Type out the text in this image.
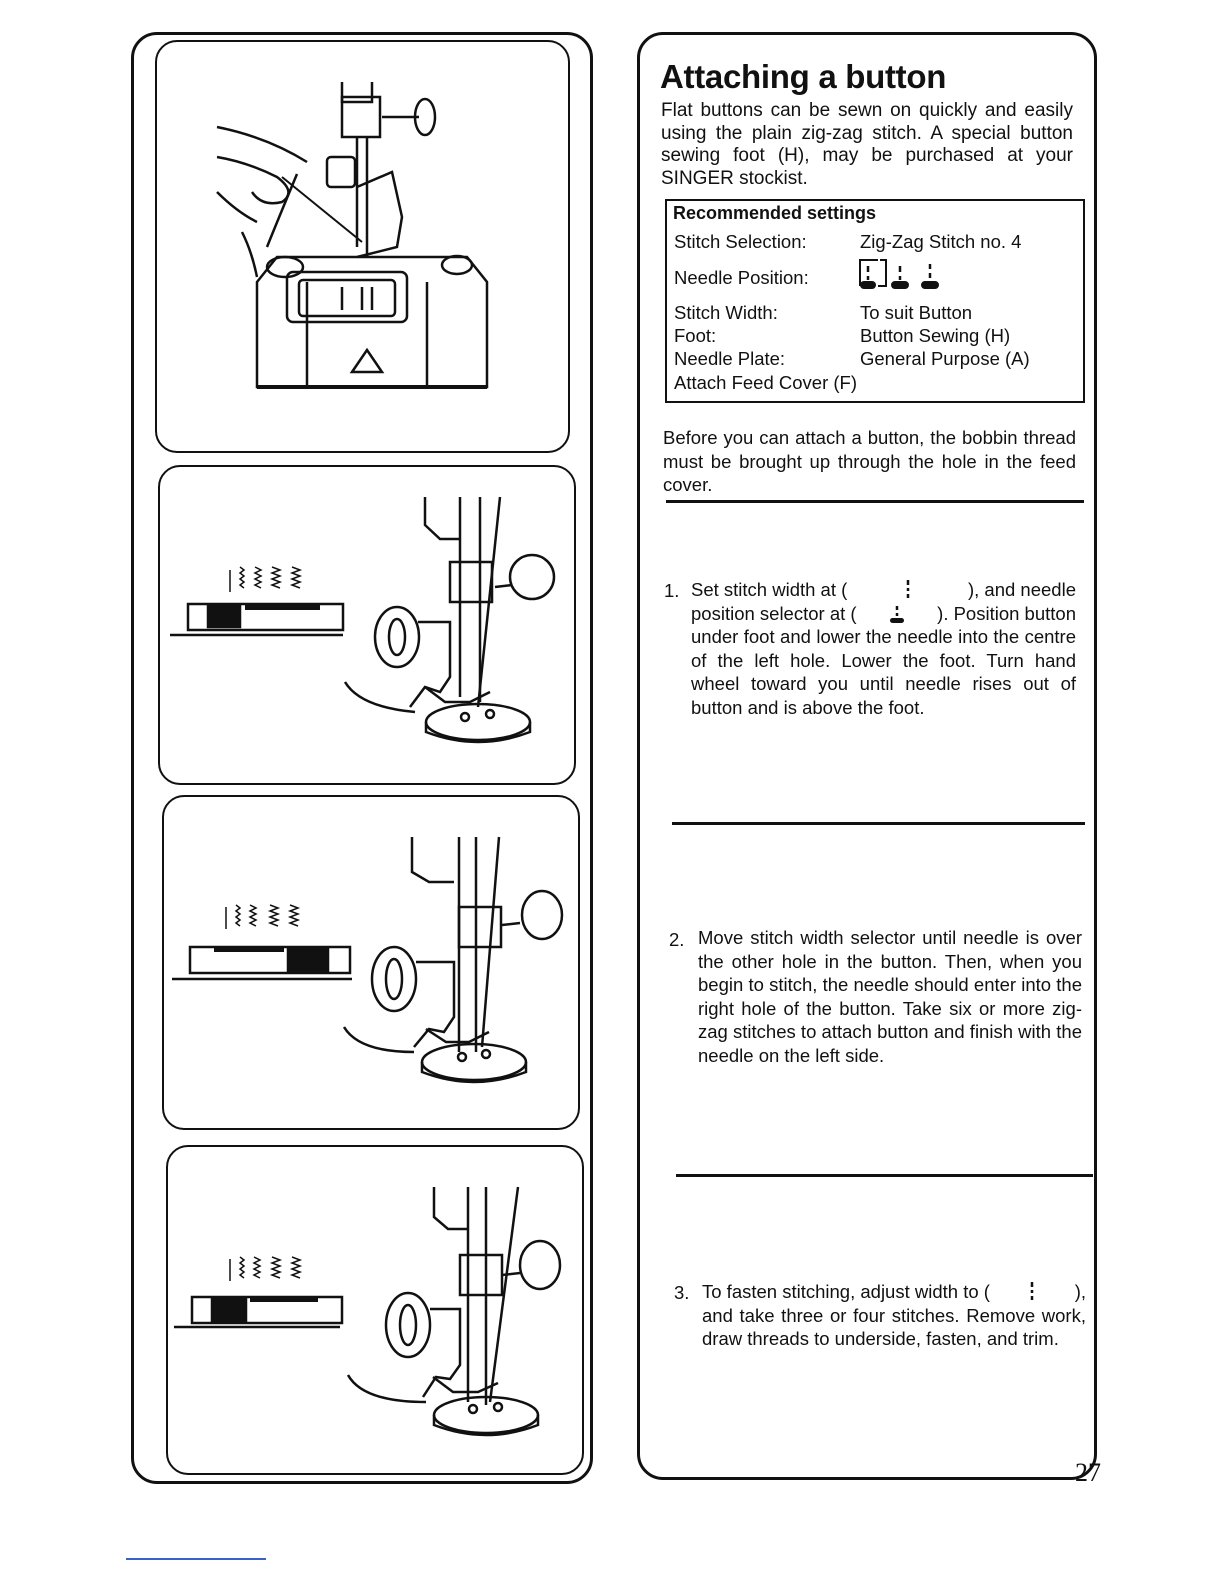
Attaching a button

Flat buttons can be sewn on quickly and easily using the plain zig-zag stitch. A special button sewing foot (H), may be purchased at your SINGER stockist.

Recommended settings
Stitch Selection:	Zig-Zag Stitch no. 4
Needle Position:
Stitch Width:	To suit Button
Foot:	Button Sewing (H)
Needle Plate:	General Purpose (A)
Attach Feed Cover (F)

Before you can attach a button, the bobbin thread must be brought up through the hole in the feed cover.

1. Set stitch width at (	), and needle
position selector at (	). Position button
under foot and lower the needle into the centre of the left hole. Lower the foot. Turn hand wheel toward you until needle rises out of button and is above the foot.
2. Move stitch width selector until needle is over the other hole in the button. Then, when you begin to stitch, the needle should enter into the right hole of the button. Take six or more zig-zag stitches to attach button and finish with the needle on the left side.

3. To fasten stitching, adjust width to (	),
and take three or four stitches. Remove work, draw threads to underside, fasten, and trim.
27
